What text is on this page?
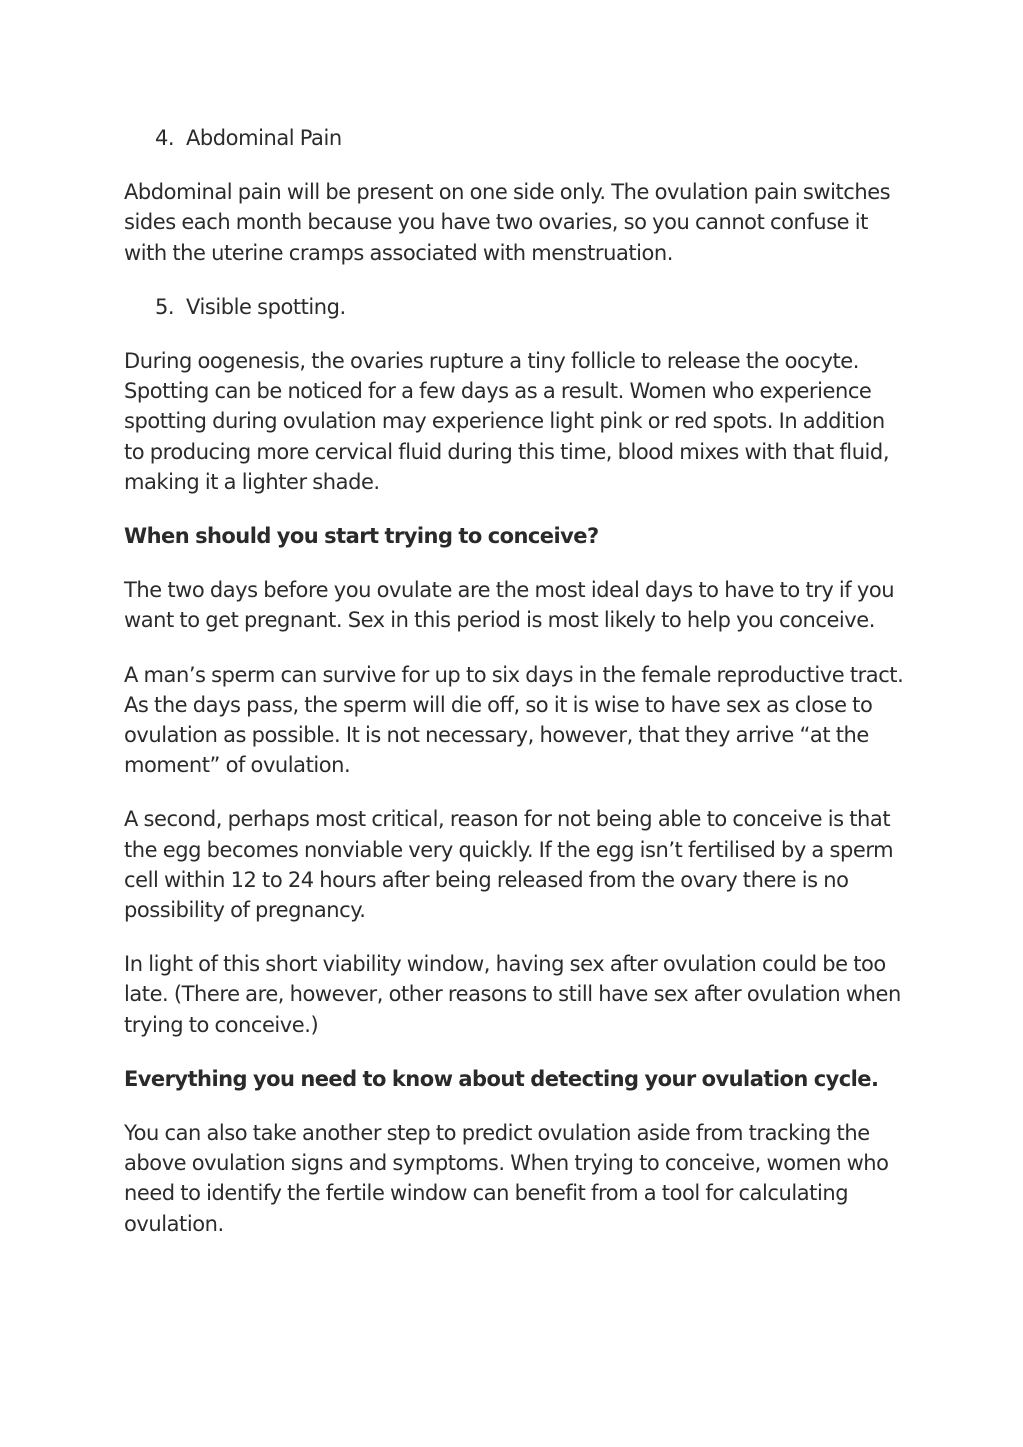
4. Abdominal Pain

Abdominal pain will be present on one side only. The ovulation pain switches sides each month because you have two ovaries, so you cannot confuse it with the uterine cramps associated with menstruation.

5. Visible spotting.

During oogenesis, the ovaries rupture a tiny follicle to release the oocyte. Spotting can be noticed for a few days as a result. Women who experience spotting during ovulation may experience light pink or red spots. In addition to producing more cervical fluid during this time, blood mixes with that fluid, making it a lighter shade.

When should you start trying to conceive?

The two days before you ovulate are the most ideal days to have to try if you want to get pregnant. Sex in this period is most likely to help you conceive.

A man’s sperm can survive for up to six days in the female reproductive tract. As the days pass, the sperm will die off, so it is wise to have sex as close to ovulation as possible. It is not necessary, however, that they arrive “at the moment” of ovulation.

A second, perhaps most critical, reason for not being able to conceive is that the egg becomes nonviable very quickly. If the egg isn’t fertilised by a sperm cell within 12 to 24 hours after being released from the ovary there is no possibility of pregnancy.

In light of this short viability window, having sex after ovulation could be too late. (There are, however, other reasons to still have sex after ovulation when trying to conceive.)

Everything you need to know about detecting your ovulation cycle.

You can also take another step to predict ovulation aside from tracking the above ovulation signs and symptoms. When trying to conceive, women who need to identify the fertile window can benefit from a tool for calculating ovulation.
